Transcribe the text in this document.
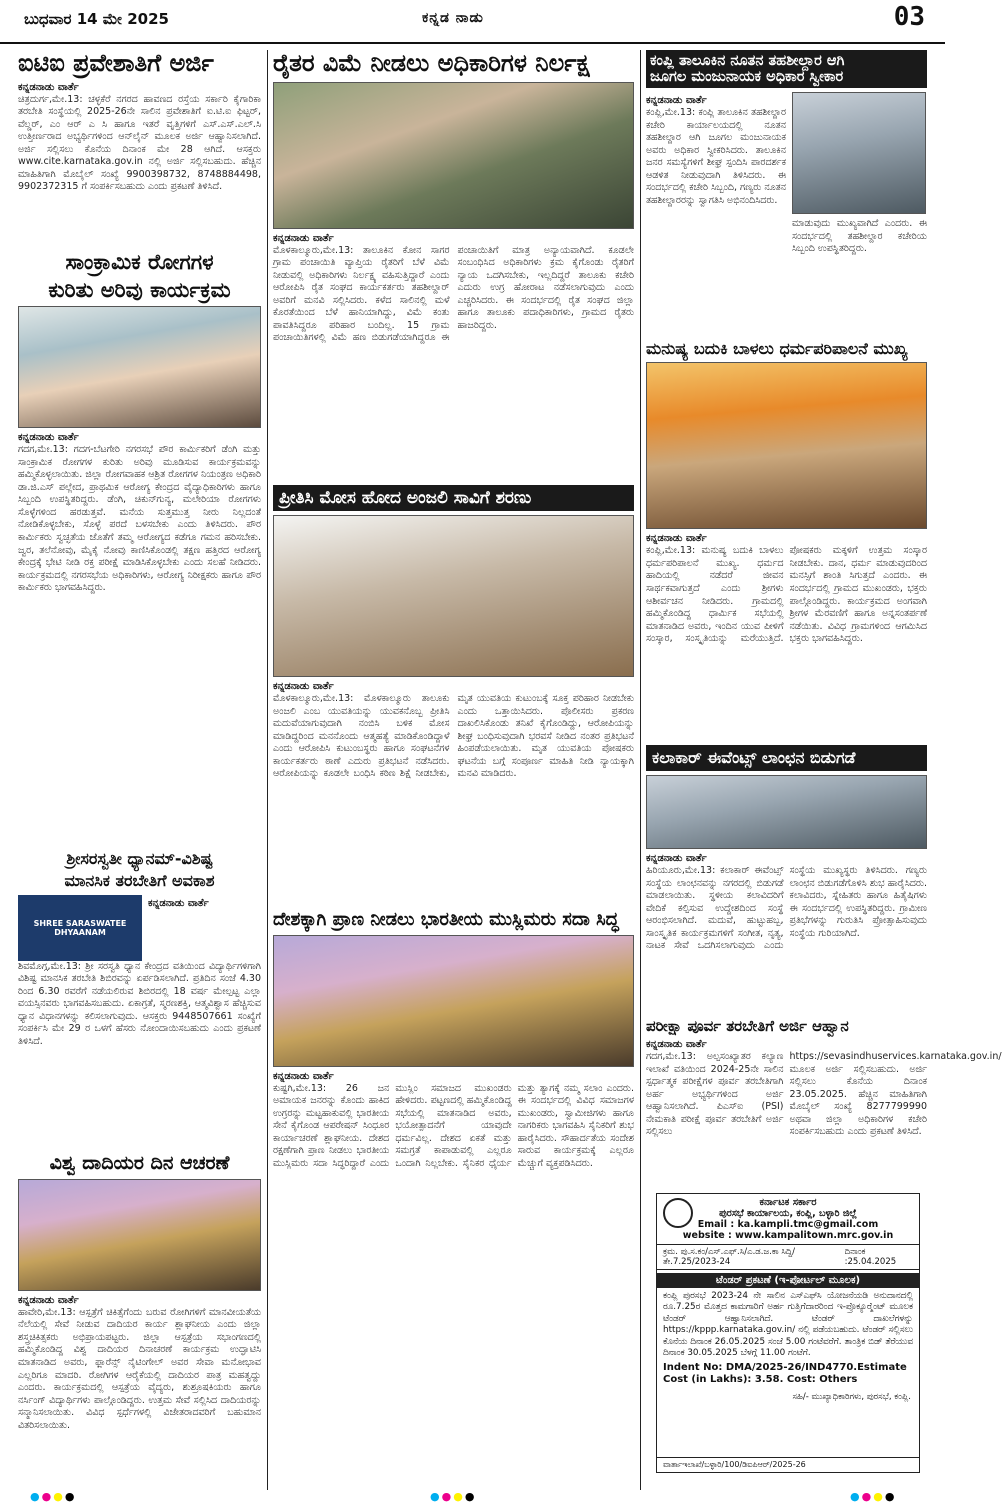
ಬುಧವಾರ 14 ಮೇ 2025	ಕನ್ನಡ ನಾಡು	03
ಐಟಿಐ ಪ್ರವೇಶಾತಿಗೆ ಅರ್ಜಿ
ಕನ್ನಡನಾಡು ವಾರ್ತೆ

ಚಿತ್ರದುರ್ಗ,ಮೇ.13: ಚಳ್ಳಕೆರೆ ನಗರದ ಹಾವಣದ ರಸ್ತೆಯ ಸರ್ಕಾರಿ ಕೈಗಾರಿಕಾ ತರಬೇತಿ ಸಂಸ್ಥೆಯಲ್ಲಿ 2025-26ನೇ ಸಾಲಿನ ಪ್ರವೇಶಾತಿಗೆ ಐ.ಟಿ.ಐ ಫಿಟ್ಟರ್, ವೆಲ್ಡರ್, ಎಂ ಆರ್ ಎ ಸಿ ಹಾಗೂ ಇತರೆ ವೃತ್ತಿಗಳಿಗೆ ಎಸ್.ಎಸ್.ಎಲ್.ಸಿ ಉತ್ತೀರ್ಣರಾದ ಅಭ್ಯರ್ಥಿಗಳಿಂದ ಆನ್‍ಲೈನ್ ಮೂಲಕ ಅರ್ಜಿ ಆಹ್ವಾನಿಸಲಾಗಿದೆ. ಅರ್ಜಿ ಸಲ್ಲಿಸಲು ಕೊನೆಯ ದಿನಾಂಕ ಮೇ 28 ಆಗಿದೆ. ಆಸಕ್ತರು www.cite.karnataka.gov.in ನಲ್ಲಿ ಅರ್ಜಿ ಸಲ್ಲಿಸಬಹುದು. ಹೆಚ್ಚಿನ ಮಾಹಿತಿಗಾಗಿ ಮೊಬೈಲ್ ಸಂಖ್ಯೆ 9900398732, 8748884498, 9902372315 ಗೆ ಸಂಪರ್ಕಿಸಬಹುದು ಎಂದು ಪ್ರಕಟಣೆ ತಿಳಿಸಿದೆ.

ಸಾಂಕ್ರಾಮಿಕ ರೋಗಗಳ
ಕುರಿತು ಅರಿವು ಕಾರ್ಯಕ್ರಮ
ಕನ್ನಡನಾಡು ವಾರ್ತೆ

ಗದಗ,ಮೇ.13: ಗದಗ-ಬೆಟಗೇರಿ ನಗರಸಭೆ ಪೌರ ಕಾರ್ಮಿಕರಿಗೆ ಡೆಂಗಿ ಮತ್ತು ಸಾಂಕ್ರಾಮಿಕ ರೋಗಗಳ ಕುರಿತು ಅರಿವು ಮೂಡಿಸುವ ಕಾರ್ಯಕ್ರಮವನ್ನು ಹಮ್ಮಿಕೊಳ್ಳಲಾಯಿತು. ಜಿಲ್ಲಾ ರೋಗವಾಹಕ ಆಶ್ರಿತ ರೋಗಗಳ ನಿಯಂತ್ರಣ ಅಧಿಕಾರಿ ಡಾ.ಜಿ.ಎಸ್ ಪಲ್ಲೇದ, ಪ್ರಾಥಮಿಕ ಆರೋಗ್ಯ ಕೇಂದ್ರದ ವೈದ್ಯಾಧಿಕಾರಿಗಳು ಹಾಗೂ ಸಿಬ್ಬಂದಿ ಉಪಸ್ಥಿತರಿದ್ದರು. ಡೆಂಗಿ, ಚಿಕುನ್‍ಗುನ್ಯ, ಮಲೇರಿಯಾ ರೋಗಗಳು ಸೊಳ್ಳೆಗಳಿಂದ ಹರಡುತ್ತವೆ. ಮನೆಯ ಸುತ್ತಮುತ್ತ ನೀರು ನಿಲ್ಲದಂತೆ ನೋಡಿಕೊಳ್ಳಬೇಕು, ಸೊಳ್ಳೆ ಪರದೆ ಬಳಸಬೇಕು ಎಂದು ತಿಳಿಸಿದರು. ಪೌರ ಕಾರ್ಮಿಕರು ಸ್ವಚ್ಛತೆಯ ಜೊತೆಗೆ ತಮ್ಮ ಆರೋಗ್ಯದ ಕಡೆಗೂ ಗಮನ ಹರಿಸಬೇಕು. ಜ್ವರ, ತಲೆನೋವು, ಮೈಕೈ ನೋವು ಕಾಣಿಸಿಕೊಂಡಲ್ಲಿ ತಕ್ಷಣ ಹತ್ತಿರದ ಆರೋಗ್ಯ ಕೇಂದ್ರಕ್ಕೆ ಭೇಟಿ ನೀಡಿ ರಕ್ತ ಪರೀಕ್ಷೆ ಮಾಡಿಸಿಕೊಳ್ಳಬೇಕು ಎಂದು ಸಲಹೆ ನೀಡಿದರು. ಕಾರ್ಯಕ್ರಮದಲ್ಲಿ ನಗರಸಭೆಯ ಅಧಿಕಾರಿಗಳು, ಆರೋಗ್ಯ ನಿರೀಕ್ಷಕರು ಹಾಗೂ ಪೌರ ಕಾರ್ಮಿಕರು ಭಾಗವಹಿಸಿದ್ದರು.

ಶ್ರೀಸರಸ್ವತೀ ಧ್ಯಾನಮ್-ವಿಶಿಷ್ಟ
ಮಾನಸಿಕ ತರಬೇತಿಗೆ ಅವಕಾಶ
SHREE SARASWATEE DHYAANAM
ಕನ್ನಡನಾಡು ವಾರ್ತೆ

ಶಿವಮೊಗ್ಗ,ಮೇ.13: ಶ್ರೀ ಸರಸ್ವತಿ ಧ್ಯಾನ ಕೇಂದ್ರದ ವತಿಯಿಂದ ವಿದ್ಯಾರ್ಥಿಗಳಿಗಾಗಿ ವಿಶಿಷ್ಟ ಮಾನಸಿಕ ತರಬೇತಿ ಶಿಬಿರವನ್ನು ಏರ್ಪಡಿಸಲಾಗಿದೆ. ಪ್ರತಿದಿನ ಸಂಜೆ 4.30 ರಿಂದ 6.30 ರವರೆಗೆ ನಡೆಯಲಿರುವ ಶಿಬಿರದಲ್ಲಿ 18 ವರ್ಷ ಮೇಲ್ಪಟ್ಟ ಎಲ್ಲಾ ವಯಸ್ಸಿನವರು ಭಾಗವಹಿಸಬಹುದು. ಏಕಾಗ್ರತೆ, ಸ್ಮರಣಶಕ್ತಿ, ಆತ್ಮವಿಶ್ವಾಸ ಹೆಚ್ಚಿಸುವ ಧ್ಯಾನ ವಿಧಾನಗಳನ್ನು ಕಲಿಸಲಾಗುವುದು. ಆಸಕ್ತರು 9448507661 ಸಂಖ್ಯೆಗೆ ಸಂಪರ್ಕಿಸಿ ಮೇ 29 ರ ಒಳಗೆ ಹೆಸರು ನೋಂದಾಯಿಸಬಹುದು ಎಂದು ಪ್ರಕಟಣೆ ತಿಳಿಸಿದೆ.

ವಿಶ್ವ ದಾದಿಯರ ದಿನ ಆಚರಣೆ
ಕನ್ನಡನಾಡು ವಾರ್ತೆ

ಹಾವೇರಿ,ಮೇ.13: ಆಸ್ಪತ್ರೆಗೆ ಚಿಕಿತ್ಸೆಗೆಂದು ಬರುವ ರೋಗಿಗಳಿಗೆ ಮಾನವೀಯತೆಯ ನೆಲೆಯಲ್ಲಿ ಸೇವೆ ನೀಡುವ ದಾದಿಯರ ಕಾರ್ಯ ಶ್ಲಾಘನೀಯ ಎಂದು ಜಿಲ್ಲಾ ಶಸ್ತ್ರಚಿಕಿತ್ಸಕರು ಅಭಿಪ್ರಾಯಪಟ್ಟರು. ಜಿಲ್ಲಾ ಆಸ್ಪತ್ರೆಯ ಸಭಾಂಗಣದಲ್ಲಿ ಹಮ್ಮಿಕೊಂಡಿದ್ದ ವಿಶ್ವ ದಾದಿಯರ ದಿನಾಚರಣೆ ಕಾರ್ಯಕ್ರಮ ಉದ್ಘಾಟಿಸಿ ಮಾತನಾಡಿದ ಅವರು, ಫ್ಲಾರೆನ್ಸ್ ನೈಟಿಂಗೇಲ್ ಅವರ ಸೇವಾ ಮನೋಭಾವ ಎಲ್ಲರಿಗೂ ಮಾದರಿ. ರೋಗಿಗಳ ಆರೈಕೆಯಲ್ಲಿ ದಾದಿಯರ ಪಾತ್ರ ಮಹತ್ವದ್ದು ಎಂದರು. ಕಾರ್ಯಕ್ರಮದಲ್ಲಿ ಆಸ್ಪತ್ರೆಯ ವೈದ್ಯರು, ಶುಶ್ರೂಷಕಿಯರು ಹಾಗೂ ನರ್ಸಿಂಗ್ ವಿದ್ಯಾರ್ಥಿಗಳು ಪಾಲ್ಗೊಂಡಿದ್ದರು. ಉತ್ತಮ ಸೇವೆ ಸಲ್ಲಿಸಿದ ದಾದಿಯರನ್ನು ಸನ್ಮಾನಿಸಲಾಯಿತು. ವಿವಿಧ ಸ್ಪರ್ಧೆಗಳಲ್ಲಿ ವಿಜೇತರಾದವರಿಗೆ ಬಹುಮಾನ ವಿತರಿಸಲಾಯಿತು.

ರೈತರ ವಿಮೆ ನೀಡಲು ಅಧಿಕಾರಿಗಳ ನಿರ್ಲಕ್ಷ
ಕನ್ನಡನಾಡು ವಾರ್ತೆ

ಮೊಳಕಾಲ್ಮೂರು,ಮೇ.13: ತಾಲೂಕಿನ ಕೋನ ಸಾಗರ ಗ್ರಾಮ ಪಂಚಾಯಿತಿ ವ್ಯಾಪ್ತಿಯ ರೈತರಿಗೆ ಬೆಳೆ ವಿಮೆ ನೀಡುವಲ್ಲಿ ಅಧಿಕಾರಿಗಳು ನಿರ್ಲಕ್ಷ್ಯ ವಹಿಸುತ್ತಿದ್ದಾರೆ ಎಂದು ಆರೋಪಿಸಿ ರೈತ ಸಂಘದ ಕಾರ್ಯಕರ್ತರು ತಹಶೀಲ್ದಾರ್ ಅವರಿಗೆ ಮನವಿ ಸಲ್ಲಿಸಿದರು. ಕಳೆದ ಸಾಲಿನಲ್ಲಿ ಮಳೆ ಕೊರತೆಯಿಂದ ಬೆಳೆ ಹಾನಿಯಾಗಿದ್ದು, ವಿಮೆ ಕಂತು ಪಾವತಿಸಿದ್ದರೂ ಪರಿಹಾರ ಬಂದಿಲ್ಲ. 15 ಗ್ರಾಮ ಪಂಚಾಯಿತಿಗಳಲ್ಲಿ ವಿಮೆ ಹಣ ಬಿಡುಗಡೆಯಾಗಿದ್ದರೂ ಈ ಪಂಚಾಯಿತಿಗೆ ಮಾತ್ರ ಅನ್ಯಾಯವಾಗಿದೆ. ಕೂಡಲೇ ಸಂಬಂಧಿಸಿದ ಅಧಿಕಾರಿಗಳು ಕ್ರಮ ಕೈಗೊಂಡು ರೈತರಿಗೆ ನ್ಯಾಯ ಒದಗಿಸಬೇಕು, ಇಲ್ಲದಿದ್ದರೆ ತಾಲೂಕು ಕಚೇರಿ ಎದುರು ಉಗ್ರ ಹೋರಾಟ ನಡೆಸಲಾಗುವುದು ಎಂದು ಎಚ್ಚರಿಸಿದರು. ಈ ಸಂದರ್ಭದಲ್ಲಿ ರೈತ ಸಂಘದ ಜಿಲ್ಲಾ ಹಾಗೂ ತಾಲೂಕು ಪದಾಧಿಕಾರಿಗಳು, ಗ್ರಾಮದ ರೈತರು ಹಾಜರಿದ್ದರು.

ಪ್ರೀತಿಸಿ ಮೋಸ ಹೋದ ಅಂಜಲಿ ಸಾವಿಗೆ ಶರಣು
ಕನ್ನಡನಾಡು ವಾರ್ತೆ

ಮೊಳಕಾಲ್ಮೂರು,ಮೇ.13: ಮೊಳಕಾಲ್ಮೂರು ತಾಲೂಕು ಅಂಜಲಿ ಎಂಬ ಯುವತಿಯನ್ನು ಯುವಕನೊಬ್ಬ ಪ್ರೀತಿಸಿ ಮದುವೆಯಾಗುವುದಾಗಿ ನಂಬಿಸಿ ಬಳಿಕ ಮೋಸ ಮಾಡಿದ್ದರಿಂದ ಮನನೊಂದು ಆತ್ಮಹತ್ಯೆ ಮಾಡಿಕೊಂಡಿದ್ದಾಳೆ ಎಂದು ಆರೋಪಿಸಿ ಕುಟುಂಬಸ್ಥರು ಹಾಗೂ ಸಂಘಟನೆಗಳ ಕಾರ್ಯಕರ್ತರು ಠಾಣೆ ಎದುರು ಪ್ರತಿಭಟನೆ ನಡೆಸಿದರು. ಆರೋಪಿಯನ್ನು ಕೂಡಲೇ ಬಂಧಿಸಿ ಕಠಿಣ ಶಿಕ್ಷೆ ನೀಡಬೇಕು, ಮೃತ ಯುವತಿಯ ಕುಟುಂಬಕ್ಕೆ ಸೂಕ್ತ ಪರಿಹಾರ ನೀಡಬೇಕು ಎಂದು ಒತ್ತಾಯಿಸಿದರು. ಪೊಲೀಸರು ಪ್ರಕರಣ ದಾಖಲಿಸಿಕೊಂಡು ತನಿಖೆ ಕೈಗೊಂಡಿದ್ದು, ಆರೋಪಿಯನ್ನು ಶೀಘ್ರ ಬಂಧಿಸುವುದಾಗಿ ಭರವಸೆ ನೀಡಿದ ನಂತರ ಪ್ರತಿಭಟನೆ ಹಿಂಪಡೆಯಲಾಯಿತು. ಮೃತ ಯುವತಿಯ ಪೋಷಕರು ಘಟನೆಯ ಬಗ್ಗೆ ಸಂಪೂರ್ಣ ಮಾಹಿತಿ ನೀಡಿ ನ್ಯಾಯಕ್ಕಾಗಿ ಮನವಿ ಮಾಡಿದರು.

ದೇಶಕ್ಕಾಗಿ ಪ್ರಾಣ ನೀಡಲು ಭಾರತೀಯ ಮುಸ್ಲಿಮರು ಸದಾ ಸಿದ್ಧ
ಕನ್ನಡನಾಡು ವಾರ್ತೆ

ಕುಷ್ಟಗಿ,ಮೇ.13: 26 ಜನ ಅಮಾಯಕ ಜನರನ್ನು ಕೊಂದು ಹಾಕಿದ ಉಗ್ರರನ್ನು ಮಟ್ಟಹಾಕುವಲ್ಲಿ ಭಾರತೀಯ ಸೇನೆ ಕೈಗೊಂಡ ಆಪರೇಷನ್ ಸಿಂಧೂರ ಕಾರ್ಯಾಚರಣೆ ಶ್ಲಾಘನೀಯ. ದೇಶದ ರಕ್ಷಣೆಗಾಗಿ ಪ್ರಾಣ ನೀಡಲು ಭಾರತೀಯ ಮುಸ್ಲಿಮರು ಸದಾ ಸಿದ್ಧರಿದ್ದಾರೆ ಎಂದು ಮುಸ್ಲಿಂ ಸಮಾಜದ ಮುಖಂಡರು ಹೇಳಿದರು. ಪಟ್ಟಣದಲ್ಲಿ ಹಮ್ಮಿಕೊಂಡಿದ್ದ ಸಭೆಯಲ್ಲಿ ಮಾತನಾಡಿದ ಅವರು, ಭಯೋತ್ಪಾದನೆಗೆ ಯಾವುದೇ ಧರ್ಮವಿಲ್ಲ. ದೇಶದ ಏಕತೆ ಮತ್ತು ಸಮಗ್ರತೆ ಕಾಪಾಡುವಲ್ಲಿ ಎಲ್ಲರೂ ಒಂದಾಗಿ ನಿಲ್ಲಬೇಕು. ಸೈನಿಕರ ಧೈರ್ಯ ಮತ್ತು ತ್ಯಾಗಕ್ಕೆ ನಮ್ಮ ಸಲಾಂ ಎಂದರು. ಈ ಸಂದರ್ಭದಲ್ಲಿ ವಿವಿಧ ಸಮಾಜಗಳ ಮುಖಂಡರು, ಸ್ವಾಮೀಜಿಗಳು ಹಾಗೂ ನಾಗರಿಕರು ಭಾಗವಹಿಸಿ ಸೈನಿಕರಿಗೆ ಶುಭ ಹಾರೈಸಿದರು. ಸೌಹಾರ್ದತೆಯ ಸಂದೇಶ ಸಾರುವ ಕಾರ್ಯಕ್ರಮಕ್ಕೆ ಎಲ್ಲರೂ ಮೆಚ್ಚುಗೆ ವ್ಯಕ್ತಪಡಿಸಿದರು.

ಕಂಪ್ಲಿ ತಾಲೂಕಿನ ನೂತನ ತಹಶೀಲ್ದಾರ ಆಗಿ
ಜೂಗಲ ಮಂಜುನಾಯಕ ಅಧಿಕಾರ ಸ್ವೀಕಾರ
ಕನ್ನಡನಾಡು ವಾರ್ತೆ

ಕಂಪ್ಲಿ,ಮೇ.13: ಕಂಪ್ಲಿ ತಾಲೂಕಿನ ತಹಶೀಲ್ದಾರ ಕಚೇರಿ ಕಾರ್ಯಾಲಯದಲ್ಲಿ ನೂತನ ತಹಶೀಲ್ದಾರ ಆಗಿ ಜೂಗಲ ಮಂಜುನಾಯಕ ಅವರು ಅಧಿಕಾರ ಸ್ವೀಕರಿಸಿದರು. ತಾಲೂಕಿನ ಜನರ ಸಮಸ್ಯೆಗಳಿಗೆ ಶೀಘ್ರ ಸ್ಪಂದಿಸಿ ಪಾರದರ್ಶಕ ಆಡಳಿತ ನೀಡುವುದಾಗಿ ತಿಳಿಸಿದರು. ಈ ಸಂದರ್ಭದಲ್ಲಿ ಕಚೇರಿ ಸಿಬ್ಬಂದಿ, ಗಣ್ಯರು ನೂತನ ತಹಶೀಲ್ದಾರರನ್ನು ಸ್ವಾಗತಿಸಿ ಅಭಿನಂದಿಸಿದರು.

ಮಾಡುವುದು ಮುಖ್ಯವಾಗಿದೆ ಎಂದರು. ಈ ಸಂದರ್ಭದಲ್ಲಿ ತಹಶೀಲ್ದಾರ ಕಚೇರಿಯ ಸಿಬ್ಬಂದಿ ಉಪಸ್ಥಿತರಿದ್ದರು.

ಮನುಷ್ಯ ಬದುಕಿ ಬಾಳಲು ಧರ್ಮಪರಿಪಾಲನೆ ಮುಖ್ಯ
ಕನ್ನಡನಾಡು ವಾರ್ತೆ

ಕಂಪ್ಲಿ,ಮೇ.13: ಮನುಷ್ಯ ಬದುಕಿ ಬಾಳಲು ಧರ್ಮಪರಿಪಾಲನೆ ಮುಖ್ಯ. ಧರ್ಮದ ಹಾದಿಯಲ್ಲಿ ನಡೆದರೆ ಜೀವನ ಸಾರ್ಥಕವಾಗುತ್ತದೆ ಎಂದು ಶ್ರೀಗಳು ಆಶೀರ್ವಚನ ನೀಡಿದರು. ಗ್ರಾಮದಲ್ಲಿ ಹಮ್ಮಿಕೊಂಡಿದ್ದ ಧಾರ್ಮಿಕ ಸಭೆಯಲ್ಲಿ ಮಾತನಾಡಿದ ಅವರು, ಇಂದಿನ ಯುವ ಪೀಳಿಗೆ ಸಂಸ್ಕಾರ, ಸಂಸ್ಕೃತಿಯನ್ನು ಮರೆಯುತ್ತಿದೆ. ಪೋಷಕರು ಮಕ್ಕಳಿಗೆ ಉತ್ತಮ ಸಂಸ್ಕಾರ ನೀಡಬೇಕು. ದಾನ, ಧರ್ಮ ಮಾಡುವುದರಿಂದ ಮನಸ್ಸಿಗೆ ಶಾಂತಿ ಸಿಗುತ್ತದೆ ಎಂದರು. ಈ ಸಂದರ್ಭದಲ್ಲಿ ಗ್ರಾಮದ ಮುಖಂಡರು, ಭಕ್ತರು ಪಾಲ್ಗೊಂಡಿದ್ದರು. ಕಾರ್ಯಕ್ರಮದ ಅಂಗವಾಗಿ ಶ್ರೀಗಳ ಮೆರವಣಿಗೆ ಹಾಗೂ ಅನ್ನಸಂತರ್ಪಣೆ ನಡೆಯಿತು. ವಿವಿಧ ಗ್ರಾಮಗಳಿಂದ ಆಗಮಿಸಿದ ಭಕ್ತರು ಭಾಗವಹಿಸಿದ್ದರು.

ಕಲಾಕಾರ್ ಈವೆಂಟ್ಸ್ ಲಾಂಛನ ಬಿಡುಗಡೆ
ಕನ್ನಡನಾಡು ವಾರ್ತೆ

ಹಿರಿಯೂರು,ಮೇ.13: ಕಲಾಕಾರ್ ಈವೆಂಟ್ಸ್ ಸಂಸ್ಥೆಯ ಲಾಂಛನವನ್ನು ನಗರದಲ್ಲಿ ಬಿಡುಗಡೆ ಮಾಡಲಾಯಿತು. ಸ್ಥಳೀಯ ಕಲಾವಿದರಿಗೆ ವೇದಿಕೆ ಕಲ್ಪಿಸುವ ಉದ್ದೇಶದಿಂದ ಸಂಸ್ಥೆ ಆರಂಭಿಸಲಾಗಿದೆ. ಮದುವೆ, ಹುಟ್ಟುಹಬ್ಬ, ಸಾಂಸ್ಕೃತಿಕ ಕಾರ್ಯಕ್ರಮಗಳಿಗೆ ಸಂಗೀತ, ನೃತ್ಯ, ನಾಟಕ ಸೇವೆ ಒದಗಿಸಲಾಗುವುದು ಎಂದು ಸಂಸ್ಥೆಯ ಮುಖ್ಯಸ್ಥರು ತಿಳಿಸಿದರು. ಗಣ್ಯರು ಲಾಂಛನ ಬಿಡುಗಡೆಗೊಳಿಸಿ ಶುಭ ಹಾರೈಸಿದರು. ಕಲಾವಿದರು, ಸ್ನೇಹಿತರು ಹಾಗೂ ಹಿತೈಷಿಗಳು ಈ ಸಂದರ್ಭದಲ್ಲಿ ಉಪಸ್ಥಿತರಿದ್ದರು. ಗ್ರಾಮೀಣ ಪ್ರತಿಭೆಗಳನ್ನು ಗುರುತಿಸಿ ಪ್ರೋತ್ಸಾಹಿಸುವುದು ಸಂಸ್ಥೆಯ ಗುರಿಯಾಗಿದೆ.

ಪರೀಕ್ಷಾ ಪೂರ್ವ ತರಬೇತಿಗೆ ಅರ್ಜಿ ಆಹ್ವಾನ
ಕನ್ನಡನಾಡು ವಾರ್ತೆ

ಗದಗ,ಮೇ.13: ಅಲ್ಪಸಂಖ್ಯಾತರ ಕಲ್ಯಾಣ ಇಲಾಖೆ ವತಿಯಿಂದ 2024-25ನೇ ಸಾಲಿನ ಸ್ಪರ್ಧಾತ್ಮಕ ಪರೀಕ್ಷೆಗಳ ಪೂರ್ವ ತರಬೇತಿಗಾಗಿ ಅರ್ಹ ಅಭ್ಯರ್ಥಿಗಳಿಂದ ಅರ್ಜಿ ಆಹ್ವಾನಿಸಲಾಗಿದೆ. ಪಿಎಸ್‍ಐ (PSI) ನೇಮಕಾತಿ ಪರೀಕ್ಷೆ ಪೂರ್ವ ತರಬೇತಿಗೆ ಅರ್ಜಿ ಸಲ್ಲಿಸಲು https://sevasindhuservices.karnataka.gov.in/ ಮೂಲಕ ಅರ್ಜಿ ಸಲ್ಲಿಸಬಹುದು. ಅರ್ಜಿ ಸಲ್ಲಿಸಲು ಕೊನೆಯ ದಿನಾಂಕ 23.05.2025. ಹೆಚ್ಚಿನ ಮಾಹಿತಿಗಾಗಿ ಮೊಬೈಲ್ ಸಂಖ್ಯೆ 8277799990 ಅಥವಾ ಜಿಲ್ಲಾ ಅಧಿಕಾರಿಗಳ ಕಚೇರಿ ಸಂಪರ್ಕಿಸಬಹುದು ಎಂದು ಪ್ರಕಟಣೆ ತಿಳಿಸಿದೆ.

ಕರ್ನಾಟಕ ಸರ್ಕಾರ
ಪುರಸಭೆ ಕಾರ್ಯಾಲಯ, ಕಂಪ್ಲಿ, ಬಳ್ಳಾರಿ ಜಿಲ್ಲೆ
Email : ka.kampli.tmc@gmail.com
website : www.kampalitown.mrc.gov.in
ಕ್ರಮ. ಪು.ಸ.ಕಂ/ಎಸ್.ಎಫ್.ಸಿ/ಎ.ಡ.ಜ.ಕಾ ಸಿದ್ದಿ/ತೇ.7.25/2023-24
ದಿನಾಂಕ :25.04.2025
ಟೆಂಡರ್ ಪ್ರಕಟಣೆ (ಇ-ಪೋರ್ಟಲ್ ಮೂಲಕ)
ಕಂಪ್ಲಿ ಪುರಸಭೆ 2023-24 ನೇ ಸಾಲಿನ ಎಸ್‍ಎಫ್‍ಸಿ ಯೋಜನೆಯಡಿ ಅನುದಾನದಲ್ಲಿ ರೂ.7.25ರ ಮೊತ್ತದ ಕಾಮಗಾರಿಗೆ ಅರ್ಹ ಗುತ್ತಿಗೆದಾರರಿಂದ ಇ-ಪ್ರೊಕ್ಯೂರ್‍ಮೆಂಟ್ ಮೂಲಕ ಟೆಂಡರ್ ಆಹ್ವಾನಿಸಲಾಗಿದೆ. ಟೆಂಡರ್ ದಾಖಲೆಗಳನ್ನು https://kppp.karnataka.gov.in/ ನಲ್ಲಿ ಪಡೆಯಬಹುದು. ಟೆಂಡರ್ ಸಲ್ಲಿಸಲು ಕೊನೆಯ ದಿನಾಂಕ 26.05.2025 ಸಂಜೆ 5.00 ಗಂಟೆವರೆಗೆ. ತಾಂತ್ರಿಕ ಬಿಡ್ ತೆರೆಯುವ ದಿನಾಂಕ 30.05.2025 ಬೆಳಗ್ಗೆ 11.00 ಗಂಟೆಗೆ.
Indent No: DMA/2025-26/IND4770.Estimate Cost (in Lakhs): 3.58. Cost: Others
ಸಹಿ/- ಮುಖ್ಯಾಧಿಕಾರಿಗಳು, ಪುರಸಭೆ, ಕಂಪ್ಲಿ.
ವಾರ್ತಾಇಲಾಖೆ/ಬಳ್ಳಾರಿ/100/ಡಿಐಪಿಆರ್/2025-26
●●●●	●●●●	●●●●
